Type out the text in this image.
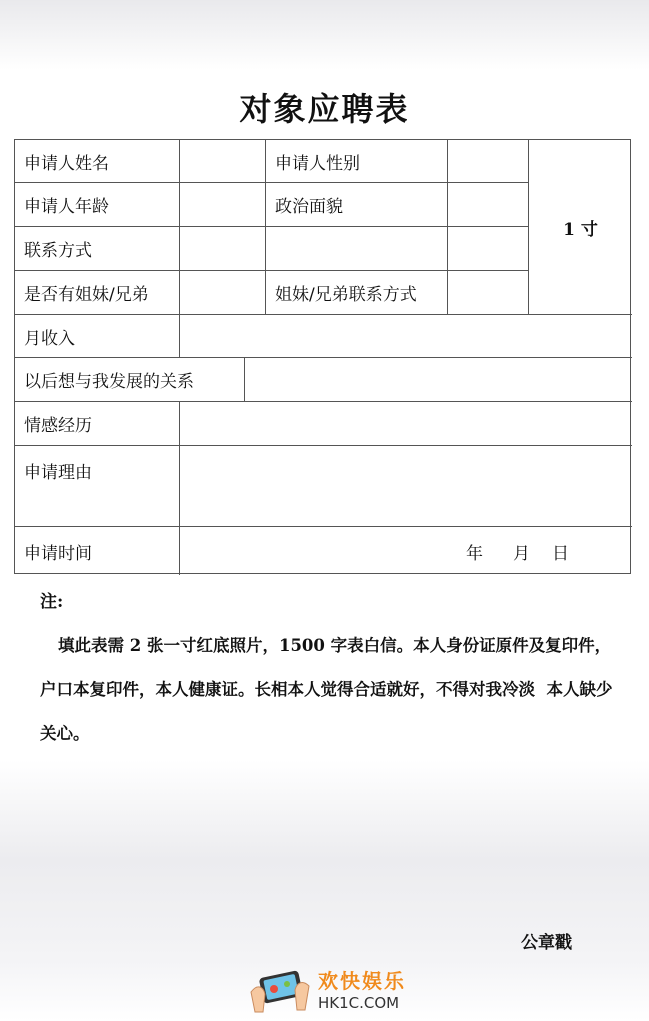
对象应聘表
申请人姓名	申请人性别
1 寸
申请人年龄	政治面貌
联系方式
是否有姐妹/兄弟	姐妹/兄弟联系方式
月收入
以后想与我发展的关系
情感经历
申请理由
申请时间	年 月 日
注:
填此表需 2 张一寸红底照片，1500 字表白信。本人身份证原件及复印件，户口本复印件，本人健康证。长相本人觉得合适就好，不得对我冷淡  本人缺少关心。
公章戳
欢快娱乐
HK1C.COM
